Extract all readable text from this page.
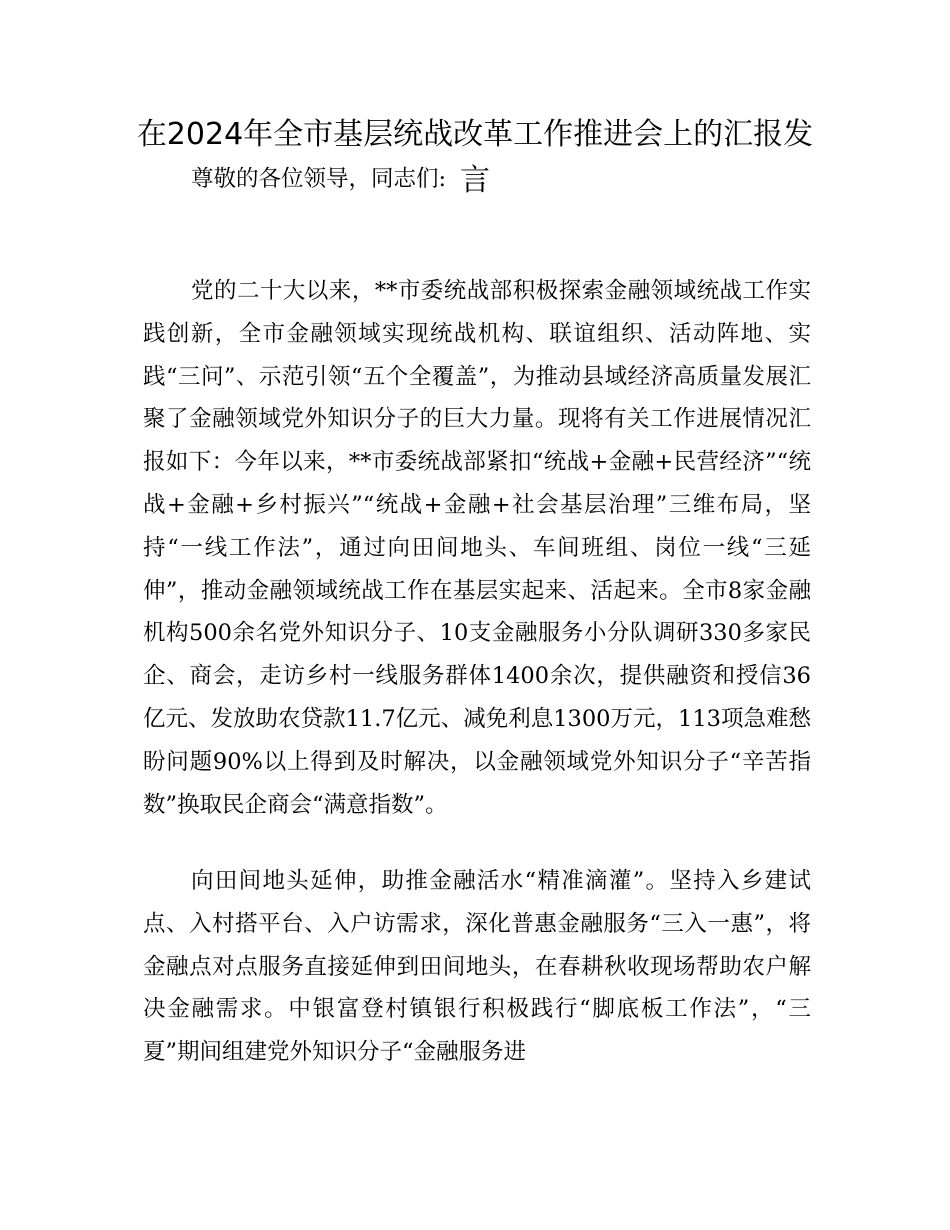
在2024年全市基层统战改革工作推进会上的汇报发言

尊敬的各位领导，同志们:

党的二十大以来，**市委统战部积极探索金融领域统战工作实践创新，全市金融领域实现统战机构、联谊组织、活动阵地、实践“三问”、示范引领“五个全覆盖”，为推动县域经济高质量发展汇聚了金融领域党外知识分子的巨大力量。现将有关工作进展情况汇报如下：今年以来，**市委统战部紧扣“统战+金融+民营经济”“统战+金融+乡村振兴”“统战+金融+社会基层治理”三维布局，坚持“一线工作法”，通过向田间地头、车间班组、岗位一线“三延伸”，推动金融领域统战工作在基层实起来、活起来。全市8家金融机构500余名党外知识分子、10支金融服务小分队调研330多家民企、商会，走访乡村一线服务群体1400余次，提供融资和授信36亿元、发放助农贷款11.7亿元、减免利息1300万元，113项急难愁盼问题90%以上得到及时解决，以金融领域党外知识分子“辛苦指数”换取民企商会“满意指数”。

向田间地头延伸，助推金融活水“精准滴灌”。坚持入乡建试点、入村搭平台、入户访需求，深化普惠金融服务“三入一惠”，将金融点对点服务直接延伸到田间地头，在春耕秋收现场帮助农户解决金融需求。中银富登村镇银行积极践行“脚底板工作法”，“三夏”期间组建党外知识分子“金融服务进
